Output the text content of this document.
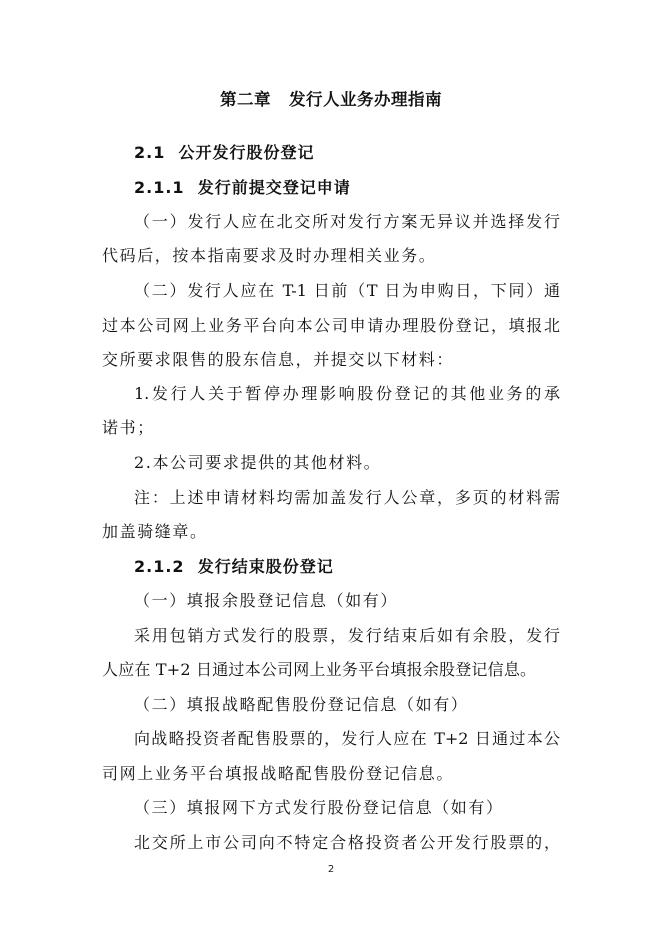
第二章 发行人业务办理指南
2.1  公开发行股份登记
2.1.1  发行前提交登记申请
（一）发行人应在北交所对发行方案无异议并选择发行
代码后，按本指南要求及时办理相关业务。
（二）发行人应在 T-1 日前（T 日为申购日，下同）通
过本公司网上业务平台向本公司申请办理股份登记，填报北
交所要求限售的股东信息，并提交以下材料：
1.发行人关于暂停办理影响股份登记的其他业务的承
诺书；
2.本公司要求提供的其他材料。
注：上述申请材料均需加盖发行人公章，多页的材料需
加盖骑缝章。
2.1.2  发行结束股份登记
（一）填报余股登记信息（如有）
采用包销方式发行的股票，发行结束后如有余股，发行
人应在 T+2 日通过本公司网上业务平台填报余股登记信息。
（二）填报战略配售股份登记信息（如有）
向战略投资者配售股票的，发行人应在 T+2 日通过本公
司网上业务平台填报战略配售股份登记信息。
（三）填报网下方式发行股份登记信息（如有）
北交所上市公司向不特定合格投资者公开发行股票的，
2
